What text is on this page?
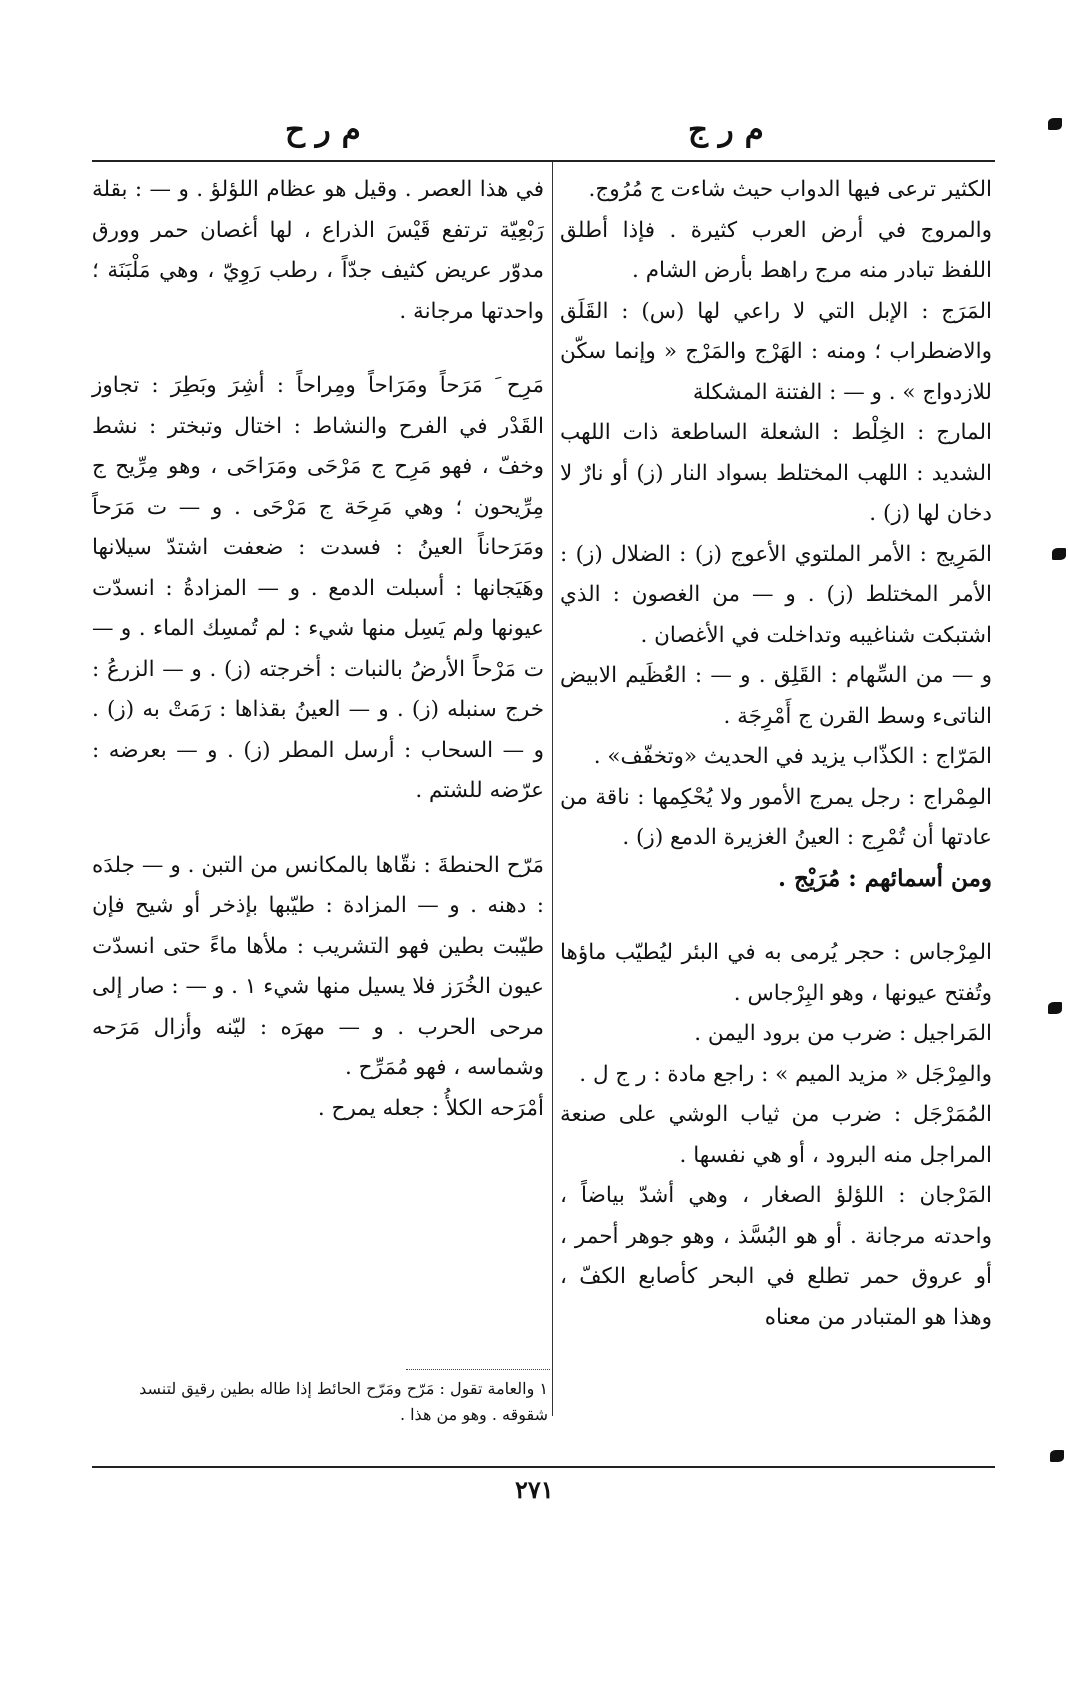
م ر ج
م ر ح

الكثير ترعى فيها الدواب حيث شاءت ج مُرُوج.

والمروج في أرض العرب كثيرة . فإذا أطلق اللفظ تبادر منه مرج راهط بأرض الشام .

المَرَج : الإبل التي لا راعي لها (س) : القَلَق والاضطراب ؛ ومنه : الهَرْج والمَرْج « وإنما سكّن للازدواج » . و — : الفتنة المشكلة

المارج : الخِلْط : الشعلة الساطعة ذات اللهب الشديد : اللهب المختلط بسواد النار (ز) أو نارٌ لا دخان لها (ز) .

المَرِيج : الأمر الملتوي الأعوج (ز) : الضلال (ز) : الأمر المختلط (ز) . و — من الغصون : الذي اشتبكت شناغيبه وتداخلت في الأغصان .

و — من السِّهام : القَلِق . و — : العُظَيم الابيض الناتىء وسط القرن ج أَمْرِجَة .

المَرّاج : الكذّاب يزيد في الحديث «وتخفّف» .

المِمْراج : رجل يمرج الأمور ولا يُحْكِمها : ناقة من عادتها أن تُمْرِج : العينُ الغزيرة الدمع (ز) .

ومن أسمائهم : مُرَيْج .

المِرْجاس : حجر يُرمى به في البئر ليُطيّب ماؤها وتُفتح عيونها ، وهو البِرْجاس .

المَراجيل : ضرب من برود اليمن .

والمِرْجَل « مزيد الميم » : راجع مادة : ر ج ل .

المُمَرْجَل : ضرب من ثياب الوشي على صنعة المراجل منه البرود ، أو هي نفسها .

المَرْجان : اللؤلؤ الصغار ، وهي أشدّ بياضاً ، واحدته مرجانة . أو هو البُسَّذ ، وهو جوهر أحمر ، أو عروق حمر تطلع في البحر كأصابع الكفّ ، وهذا هو المتبادر من معناه

في هذا العصر . وقيل هو عظام اللؤلؤ . و — : بقلة رَبْعِيّة ترتفع قَيْسَ الذراع ، لها أغصان حمر وورق مدوّر عريض كثيف جدّاً ، رطب رَوِيّ ، وهي مَلْبَنَة ؛ واحدتها مرجانة .

مَرِح َ مَرَحاً ومَرَاحاً ومِراحاً : أشِرَ وبَطِرَ : تجاوز القَدْر في الفرح والنشاط : اختال وتبختر : نشط وخفّ ، فهو مَرِح ج مَرْحَى ومَرَاحَى ، وهو مِرِّيح ج مِرِّيحون ؛ وهي مَرِحَة ج مَرْحَى . و — ت مَرَحاً ومَرَحاناً العينُ : فسدت : ضعفت اشتدّ سيلانها وهَيَجانها : أسبلت الدمع . و — المزادةُ : انسدّت عيونها ولم يَسِل منها شيء : لم تُمسِك الماء . و — ت مَرْحاً الأرضُ بالنبات : أخرجته (ز) . و — الزرعُ : خرج سنبله (ز) . و — العينُ بقذاها : رَمَتْ به (ز) . و — السحاب : أرسل المطر (ز) . و — بعرضه : عرّضه للشتم .

مَرّح الحنطةَ : نقّاها بالمكانس من التبن . و — جلدَه : دهنه . و — المزادة : طيّبها بإذخر أو شيح فإن طيّبت بطين فهو التشريب : ملأها ماءً حتى انسدّت عيون الخُرَز فلا يسيل منها شيء ١ . و — : صار إلى مرحى الحرب . و — مهرَه : ليّنه وأزال مَرَحه وشماسه ، فهو مُمَرِّح .

أمْرَحه الكلأُ : جعله يمرح .

١ والعامة تقول : مَرّح ومَرّح الحائط إذا طاله بطين رقيق لتنسد شقوقه . وهو من هذا .

٢٧١
